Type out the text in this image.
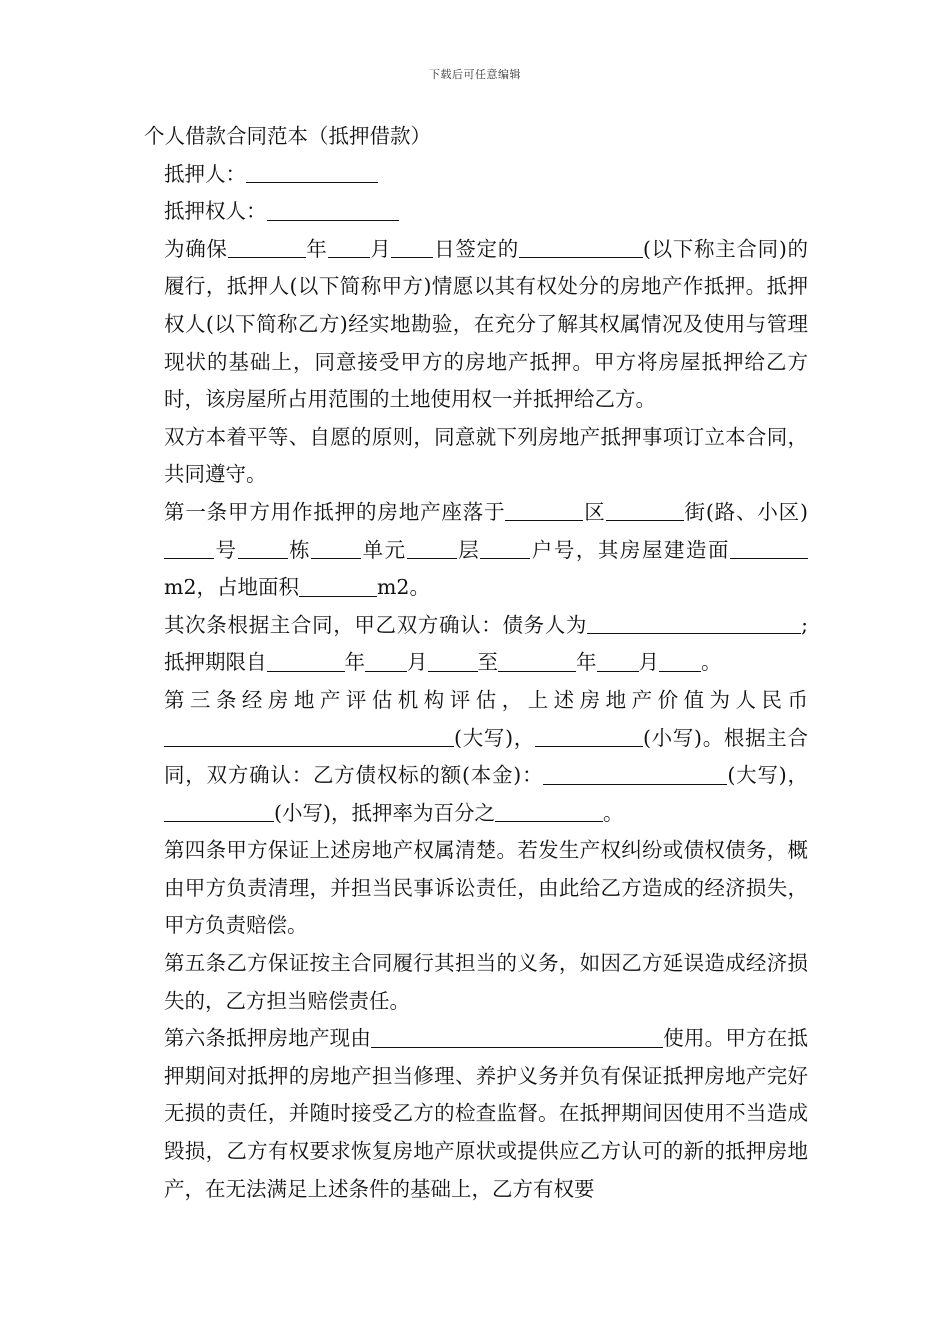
下载后可任意编辑
个人借款合同范本（抵押借款）
抵押人：
抵押权人：
为确保	年 月 日签定的	(以下称主合同)的履行，抵押人(以下简称甲方)情愿以其有权处分的房地产作抵押。抵押权人(以下简称乙方)经实地勘验，在充分了解其权属情况及使用与管理现状的基础上，同意接受甲方的房地产抵押。甲方将房屋抵押给乙方时，该房屋所占用范围的土地使用权一并抵押给乙方。
双方本着平等、自愿的原则，同意就下列房地产抵押事项订立本合同，共同遵守。
第一条甲方用作抵押的房地产座落于	区	街(路、小区)号 栋 单元 层 户号，其房屋建造面m2，占地面积	m2。
其次条根据主合同，甲乙双方确认：债务人为	;抵押期限自	年 月 至	年 月 。
第三条经房地产评估机构评估，上述房地产价值为人民币(大写)，	(小写)。根据主合同，双方确认：乙方债权标的额(本金)：	(大写)，(小写)，抵押率为百分之	。
第四条甲方保证上述房地产权属清楚。若发生产权纠纷或债权债务，概由甲方负责清理，并担当民事诉讼责任，由此给乙方造成的经济损失，甲方负责赔偿。
第五条乙方保证按主合同履行其担当的义务，如因乙方延误造成经济损失的，乙方担当赔偿责任。
第六条抵押房地产现由	使用。甲方在抵押期间对抵押的房地产担当修理、养护义务并负有保证抵押房地产完好无损的责任，并随时接受乙方的检查监督。在抵押期间因使用不当造成毁损，乙方有权要求恢复房地产原状或提供应乙方认可的新的抵押房地产，在无法满足上述条件的基础上，乙方有权要
